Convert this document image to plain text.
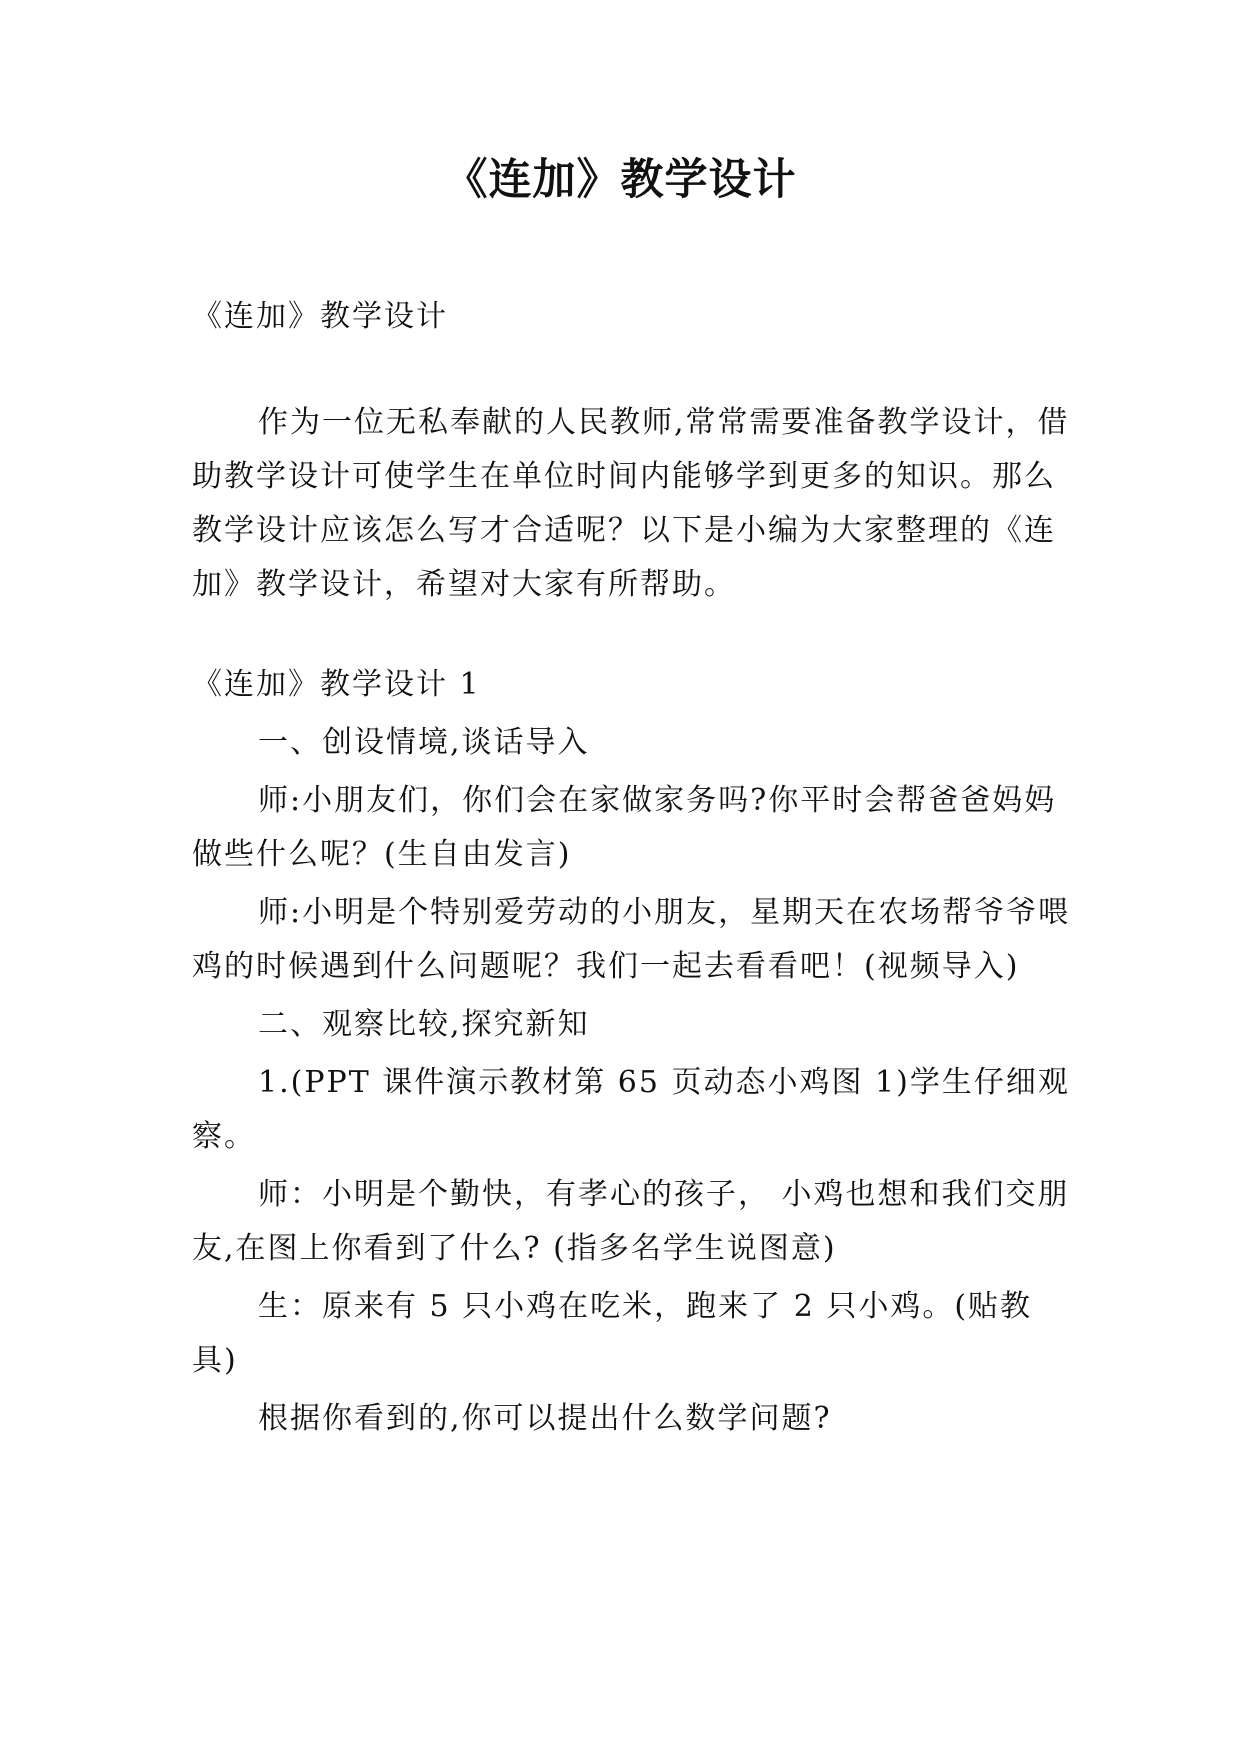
《连加》教学设计

《连加》教学设计

作为一位无私奉献的人民教师,常常需要准备教学设计，借助教学设计可使学生在单位时间内能够学到更多的知识。那么教学设计应该怎么写才合适呢？以下是小编为大家整理的《连加》教学设计，希望对大家有所帮助。

《连加》教学设计 1

一、创设情境,谈话导入

师:小朋友们，你们会在家做家务吗?你平时会帮爸爸妈妈做些什么呢？(生自由发言)

师:小明是个特别爱劳动的小朋友，星期天在农场帮爷爷喂鸡的时候遇到什么问题呢？我们一起去看看吧！(视频导入)

二、观察比较,探究新知

1.(PPT 课件演示教材第 65 页动态小鸡图 1)学生仔细观察。

师：小明是个勤快，有孝心的孩子， 小鸡也想和我们交朋友,在图上你看到了什么? (指多名学生说图意)

生：原来有 5 只小鸡在吃米，跑来了 2 只小鸡。(贴教具)

根据你看到的,你可以提出什么数学问题?
